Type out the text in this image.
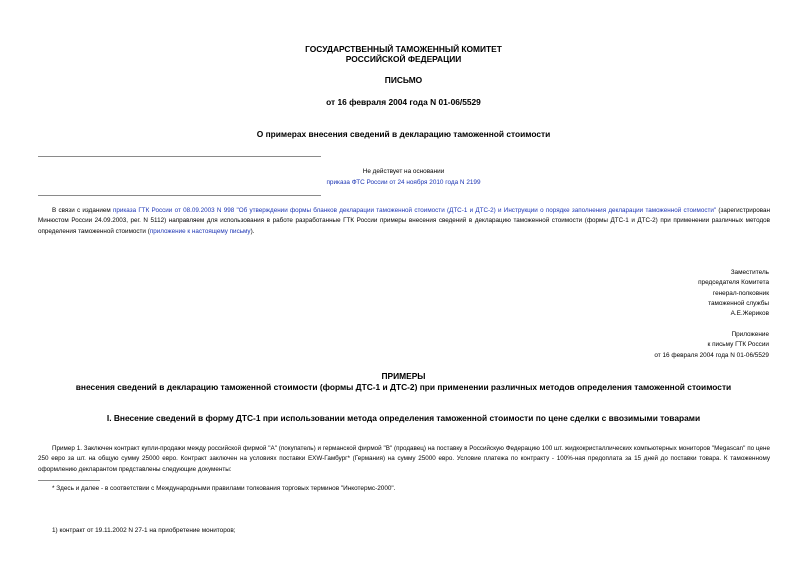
ГОСУДАРСТВЕННЫЙ ТАМОЖЕННЫЙ КОМИТЕТ
РОССИЙСКОЙ ФЕДЕРАЦИИ
ПИСЬМО
от 16 февраля 2004 года N 01-06/5529
О примерах внесения сведений в декларацию таможенной стоимости
Не действует на основании
приказа ФТС России от 24 ноября 2010 года N 2199
В связи с изданием приказа ГТК России от 08.09.2003 N 998 "Об утверждении формы бланков декларации таможенной стоимости (ДТС-1 и ДТС-2) и Инструкции о порядке заполнения декларации таможенной стоимости" (зарегистрирован Минюстом России 24.09.2003, рег. N 5112) направляем для использования в работе разработанные ГТК России примеры внесения сведений в декларацию таможенной стоимости (формы ДТС-1 и ДТС-2) при применении различных методов определения таможенной стоимости (приложение к настоящему письму).
Заместитель
председателя Комитета
генерал-полковник
таможенной службы
А.Е.Жериков
Приложение
к письму ГТК России
от 16 февраля 2004 года N 01-06/5529
ПРИМЕРЫ
внесения сведений в декларацию таможенной стоимости (формы ДТС-1 и ДТС-2) при применении различных методов определения таможенной стоимости
I. Внесение сведений в форму ДТС-1 при использовании метода определения таможенной стоимости по цене сделки с ввозимыми товарами
Пример 1. Заключен контракт купли-продажи между российской фирмой "А" (покупатель) и германской фирмой "В" (продавец) на поставку в Российскую Федерацию 100 шт. жидкокристаллических компьютерных мониторов "Megascan" по цене 250 евро за шт. на общую сумму 25000 евро. Контракт заключен на условиях поставки EXW-Гамбург* (Германия) на сумму 25000 евро. Условие платежа по контракту - 100%-ная предоплата за 15 дней до поставки товара. К таможенному оформлению декларантом представлены следующие документы:
* Здесь и далее - в соответствии с Международными правилами толкования торговых терминов "Инкотермс-2000".
1) контракт от 19.11.2002 N 27-1 на приобретение мониторов;
